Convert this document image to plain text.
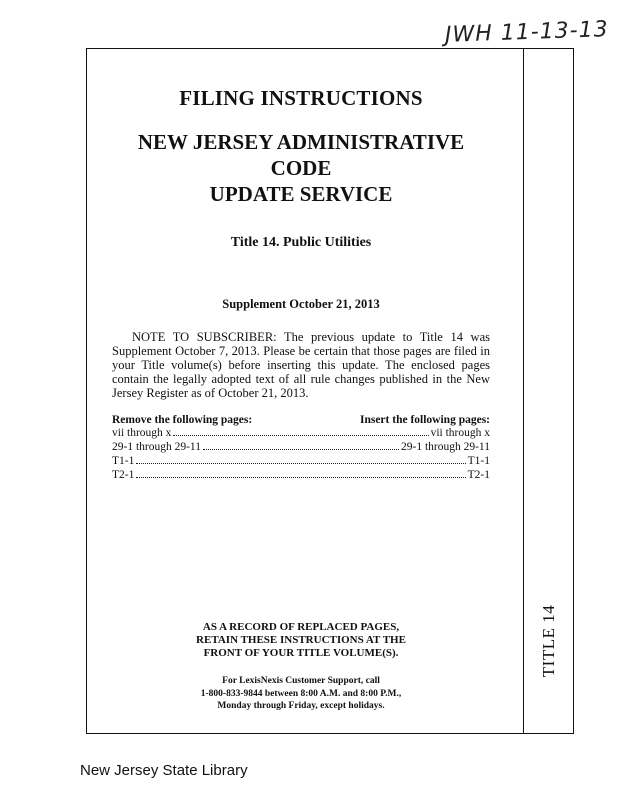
JWH 11-13-13
TITLE 14
FILING INSTRUCTIONS
NEW JERSEY ADMINISTRATIVE CODE
UPDATE SERVICE
Title 14. Public Utilities
Supplement October 21, 2013
NOTE TO SUBSCRIBER: The previous update to Title 14 was Supplement October 7, 2013. Please be certain that those pages are filed in your Title volume(s) before inserting this update. The enclosed pages contain the legally adopted text of all rule changes published in the New Jersey Register as of October 21, 2013.
Remove the following pages:	Insert the following pages:
vii through x	vii through x
29-1 through 29-11	29-1 through 29-11
T1-1	T1-1
T2-1	T2-1
AS A RECORD OF REPLACED PAGES,
RETAIN THESE INSTRUCTIONS AT THE
FRONT OF YOUR TITLE VOLUME(S).
For LexisNexis Customer Support, call
1-800-833-9844 between 8:00 A.M. and 8:00 P.M.,
Monday through Friday, except holidays.
New Jersey State Library
